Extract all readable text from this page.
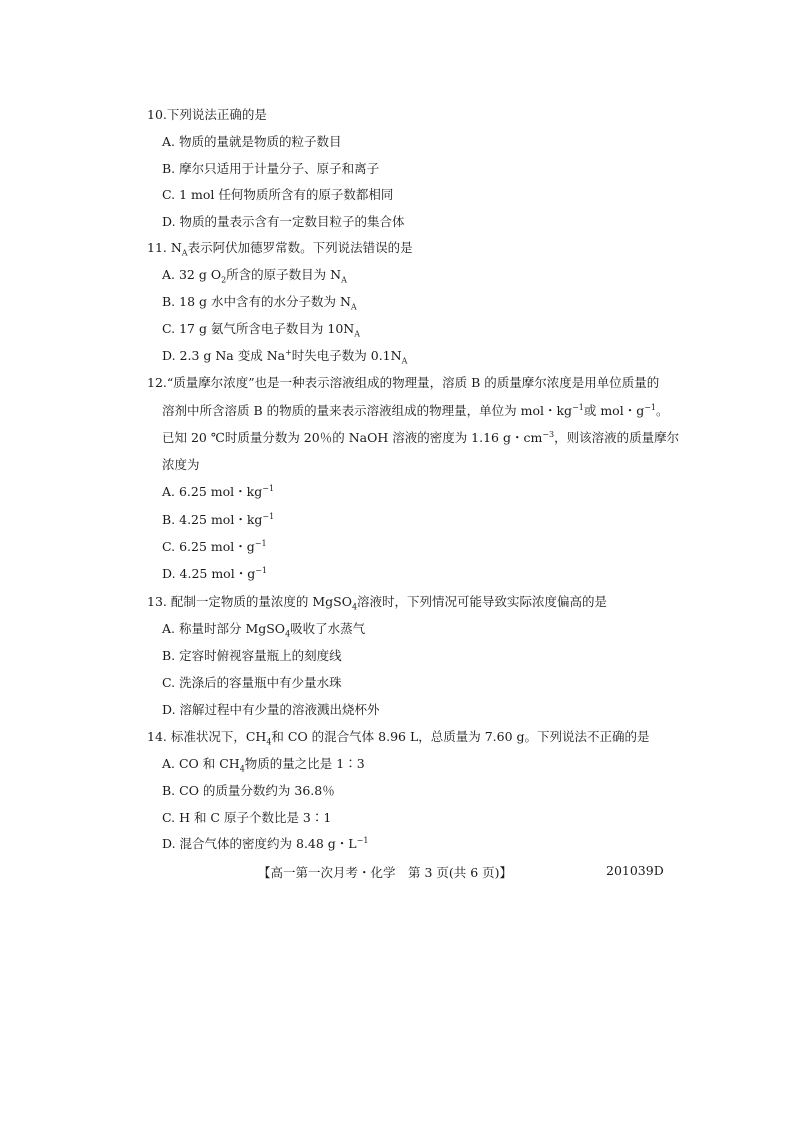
10.下列说法正确的是
A. 物质的量就是物质的粒子数目
B. 摩尔只适用于计量分子、原子和离子
C. 1 mol 任何物质所含有的原子数都相同
D. 物质的量表示含有一定数目粒子的集合体
11. $N_A$表示阿伏加德罗常数。下列说法错误的是
A. 32 g $O_2$所含的原子数目为 $N_A$
B. 18 g 水中含有的水分子数为 $N_A$
C. 17 g 氨气所含电子数目为 $10N_A$
D. 2.3 g Na 变成 Na+时失电子数为 $0.1N_A$
12.“质量摩尔浓度”也是一种表示溶液组成的物理量，溶质 B 的质量摩尔浓度是用单位质量的
溶剂中所含溶质 B 的物质的量来表示溶液组成的物理量，单位为 mol・$kg^{-1}$或 mol・$g^{-1}$。
已知 20 ℃时质量分数为 20％的 NaOH 溶液的密度为 1.16 g・$cm^{-3}$，则该溶液的质量摩尔
浓度为
A. 6.25 mol・$kg^{-1}$
B. 4.25 mol・$kg^{-1}$
C. 6.25 mol・$g^{-1}$
D. 4.25 mol・$g^{-1}$
13. 配制一定物质的量浓度的 MgSO$_4$溶液时，下列情况可能导致实际浓度偏高的是
A. 称量时部分 MgSO$_4$吸收了水蒸气
B. 定容时俯视容量瓶上的刻度线
C. 洗涤后的容量瓶中有少量水珠
D. 溶解过程中有少量的溶液溅出烧杯外
14. 标准状况下，$CH_4$和 CO 的混合气体 8.96 L，总质量为 7.60 g。下列说法不正确的是
A. CO 和 $CH_4$物质的量之比是 1∶3
B. CO 的质量分数约为 36.8％
C. H 和 C 原子个数比是 3∶1
D. 混合气体的密度约为 8.48 g・$L^{-1}$
【高一第一次月考・化学　第 3 页(共 6 页)】	201039D
